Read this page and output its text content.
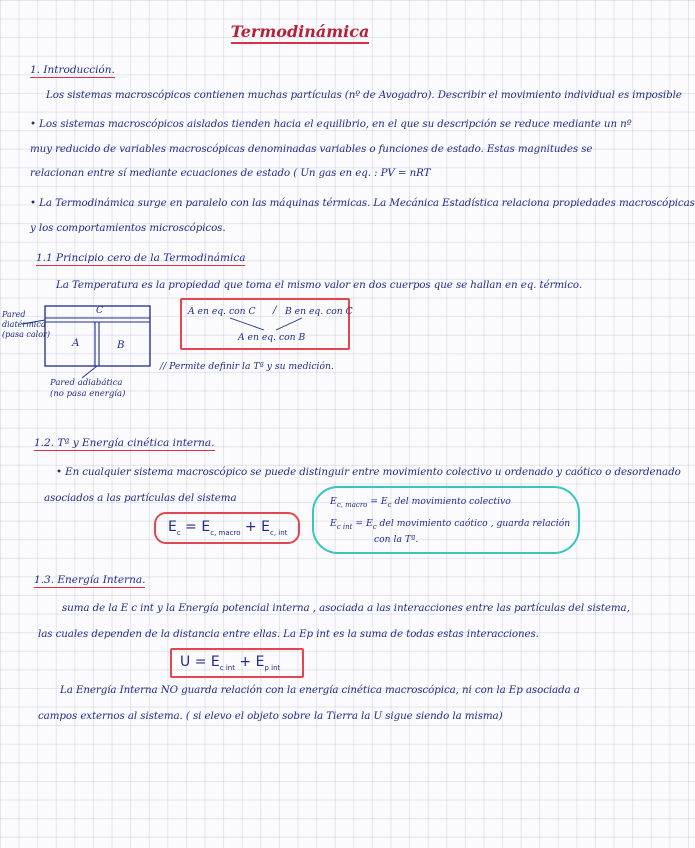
Termodinámica
1. Introducción.
Los sistemas macroscópicos contienen muchas partículas (nº de Avogadro). Describir el movimiento individual es imposible
• Los sistemas macroscópicos aislados tienden hacia el equilibrio, en el que su descripción se reduce mediante un nº
muy reducido de variables macroscópicas denominadas variables o funciones de estado. Estas magnitudes se
relacionan entre sí mediante ecuaciones de estado ( Un gas en eq. : PV = nRT
• La Termodinámica surge en paralelo con las máquinas térmicas. La Mecánica Estadística relaciona propiedades macroscópicas
y los comportamientos microscópicos.
1.1 Principio cero de la Termodinámica
La Temperatura es la propiedad que toma el mismo valor en dos cuerpos que se hallan en eq. térmico.
C
A	B
Pared diatérmica (pasa calor)
Pared adiabática (no pasa energía)
A en eq. con C / B en eq. con C
A en eq. con B
// Permite definir la Tª y su medición.
1.2. Tª y Energía cinética interna.
• En cualquier sistema macroscópico se puede distinguir entre movimiento colectivo u ordenado y caótico o desordenado
asociados a las partículas del sistema
$E_c = E_{c, macro} + E_{c, int}$
$E_{c, macro} = E_c$ del movimiento colectivo
$E_{c int} = E_c$ del movimiento caótico , guarda relación
con la Tª.
1.3. Energía Interna.
suma de la E c int y la Energía potencial interna , asociada a las interacciones entre las partículas del sistema,
las cuales dependen de la distancia entre ellas. La Ep int es la suma de todas estas interacciones.
$U = E_{c int} + E_{p int}$
La Energía Interna NO guarda relación con la energía cinética macroscópica, ni con la Ep asociada a
campos externos al sistema. ( si elevo el objeto sobre la Tierra la U sigue siendo la misma)
